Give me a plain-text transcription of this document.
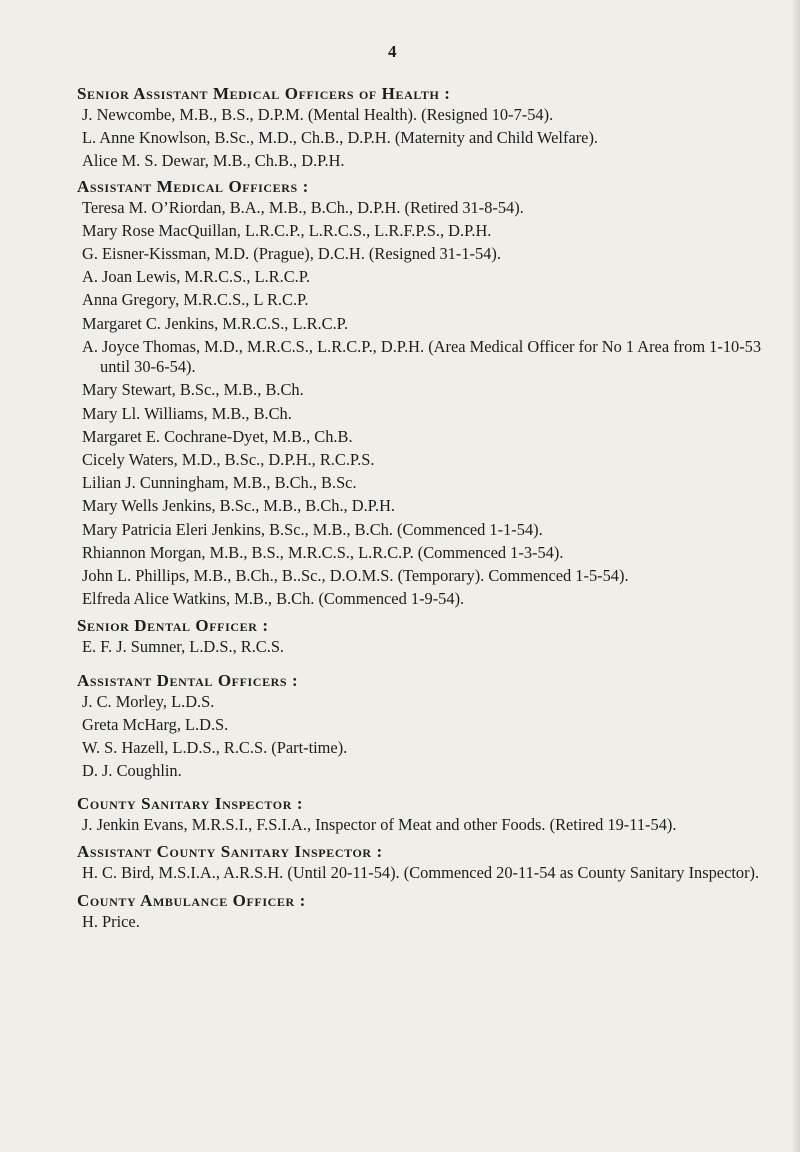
4

Senior Assistant Medical Officers of Health :

J. Newcombe, M.B., B.S., D.P.M. (Mental Health). (Resigned 10-7-54).

L. Anne Knowlson, B.Sc., M.D., Ch.B., D.P.H. (Maternity and Child Welfare).

Alice M. S. Dewar, M.B., Ch.B., D.P.H.

Assistant Medical Officers :

Teresa M. O’Riordan, B.A., M.B., B.Ch., D.P.H. (Retired 31-8-54).

Mary Rose MacQuillan, L.R.C.P., L.R.C.S., L.R.F.P.S., D.P.H.

G. Eisner-Kissman, M.D. (Prague), D.C.H. (Resigned 31-1-54).

A. Joan Lewis, M.R.C.S., L.R.C.P.

Anna Gregory, M.R.C.S., L R.C.P.

Margaret C. Jenkins, M.R.C.S., L.R.C.P.

A. Joyce Thomas, M.D., M.R.C.S., L.R.C.P., D.P.H. (Area Medical Officer for No 1 Area from 1-10-53 until 30-6-54).

Mary Stewart, B.Sc., M.B., B.Ch.

Mary Ll. Williams, M.B., B.Ch.

Margaret E. Cochrane-Dyet, M.B., Ch.B.

Cicely Waters, M.D., B.Sc., D.P.H., R.C.P.S.

Lilian J. Cunningham, M.B., B.Ch., B.Sc.

Mary Wells Jenkins, B.Sc., M.B., B.Ch., D.P.H.

Mary Patricia Eleri Jenkins, B.Sc., M.B., B.Ch. (Commenced 1-1-54).

Rhiannon Morgan, M.B., B.S., M.R.C.S., L.R.C.P. (Commenced 1-3-54).

John L. Phillips, M.B., B.Ch., B..Sc., D.O.M.S. (Temporary). Commenced 1-5-54).

Elfreda Alice Watkins, M.B., B.Ch. (Commenced 1-9-54).

Senior Dental Officer :

E. F. J. Sumner, L.D.S., R.C.S.

Assistant Dental Officers :

J. C. Morley, L.D.S.

Greta McHarg, L.D.S.

W. S. Hazell, L.D.S., R.C.S. (Part-time).

D. J. Coughlin.

County Sanitary Inspector :

J. Jenkin Evans, M.R.S.I., F.S.I.A., Inspector of Meat and other Foods. (Retired 19-11-54).

Assistant County Sanitary Inspector :

H. C. Bird, M.S.I.A., A.R.S.H. (Until 20-11-54). (Commenced 20-11-54 as County Sanitary Inspector).

County Ambulance Officer :

H. Price.
